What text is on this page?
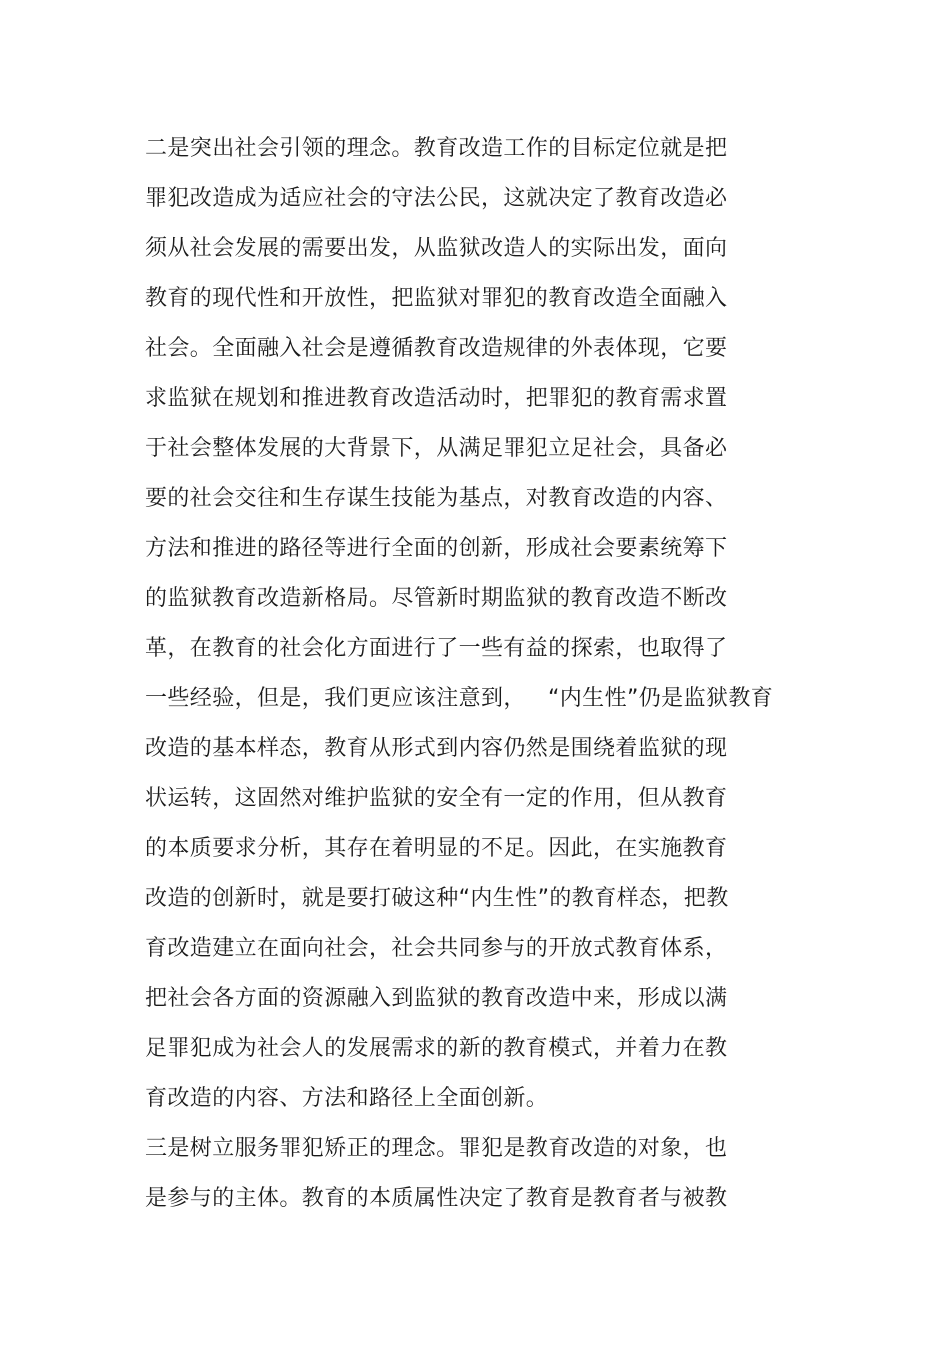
二是突出社会引领的理念。教育改造工作的目标定位就是把
罪犯改造成为适应社会的守法公民，这就决定了教育改造必
须从社会发展的需要出发，从监狱改造人的实际出发，面向
教育的现代性和开放性，把监狱对罪犯的教育改造全面融入
社会。全面融入社会是遵循教育改造规律的外表体现，它要
求监狱在规划和推进教育改造活动时，把罪犯的教育需求置
于社会整体发展的大背景下，从满足罪犯立足社会，具备必
要的社会交往和生存谋生技能为基点，对教育改造的内容、
方法和推进的路径等进行全面的创新，形成社会要素统筹下
的监狱教育改造新格局。尽管新时期监狱的教育改造不断改
革，在教育的社会化方面进行了一些有益的探索，也取得了
一些经验，但是，我们更应该注意到，   “内生性”仍是监狱教育
改造的基本样态，教育从形式到内容仍然是围绕着监狱的现
状运转，这固然对维护监狱的安全有一定的作用，但从教育
的本质要求分析，其存在着明显的不足。因此，在实施教育
改造的创新时，就是要打破这种“内生性”的教育样态，把教
育改造建立在面向社会，社会共同参与的开放式教育体系，
把社会各方面的资源融入到监狱的教育改造中来，形成以满
足罪犯成为社会人的发展需求的新的教育模式，并着力在教
育改造的内容、方法和路径上全面创新。
三是树立服务罪犯矫正的理念。罪犯是教育改造的对象，也
是参与的主体。教育的本质属性决定了教育是教育者与被教
